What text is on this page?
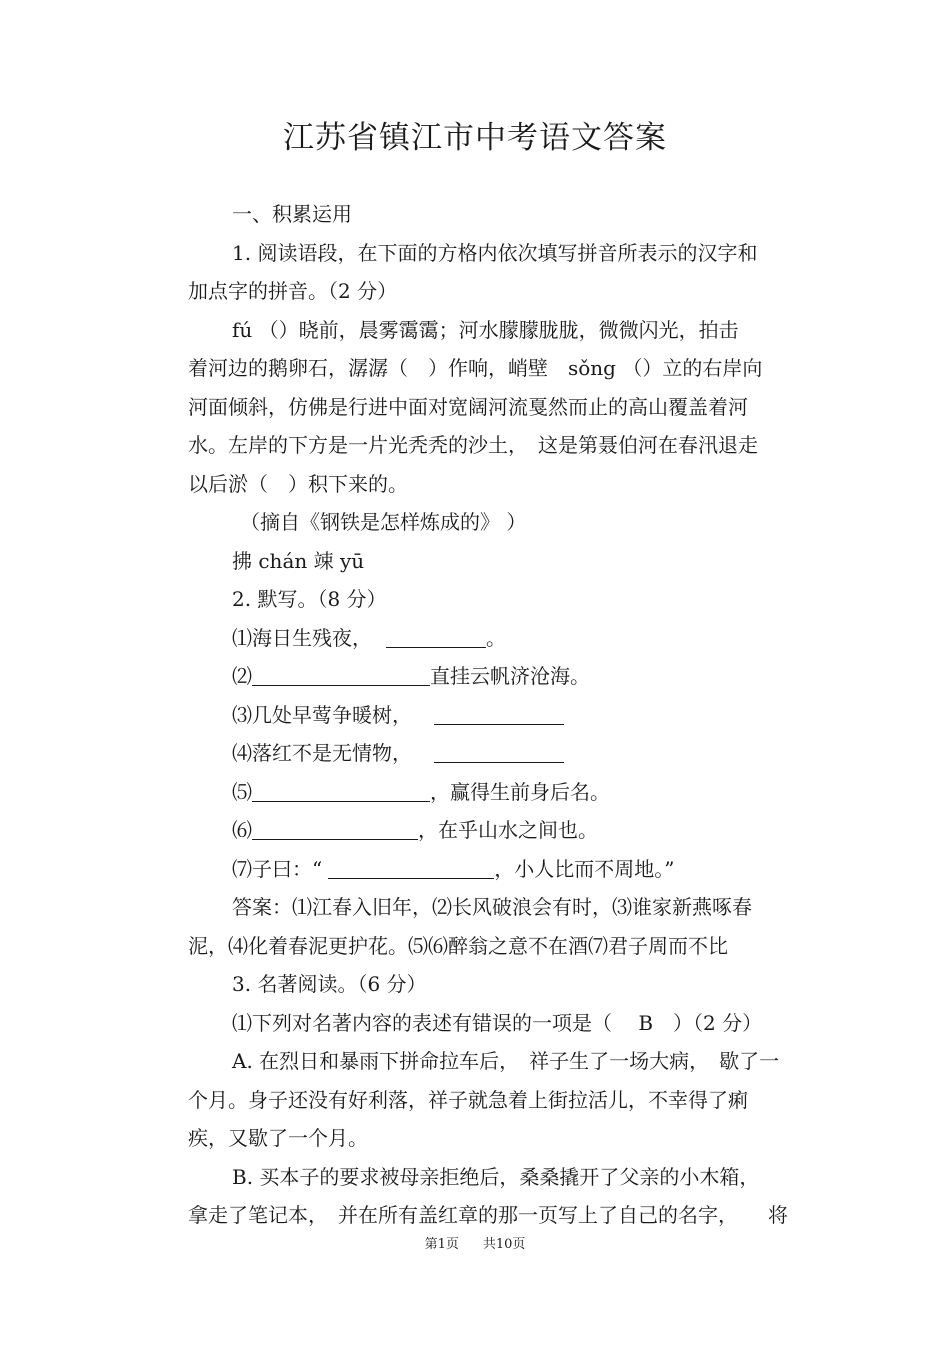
江苏省镇江市中考语文答案
一、积累运用
1. 阅读语段，在下面的方格内依次填写拼音所表示的汉字和
加点字的拼音。（2 分）
fú （）晓前，晨雾霭霭；河水朦朦胧胧，微微闪光，拍击
着河边的鹅卵石，潺潺（　）作响，峭壁　sǒng （）立的右岸向
河面倾斜，仿佛是行进中面对宽阔河流戛然而止的高山覆盖着河
水。左岸的下方是一片光秃秃的沙土，　这是第聂伯河在春汛退走
以后淤（　）积下来的。
（摘自《钢铁是怎样炼成的》 ）
拂 chán 竦 yū
2. 默写。（8 分）
⑴海日生残夜，	。
⑵	直挂云帆济沧海。
⑶几处早莺争暖树，
⑷落红不是无情物，
⑸	，赢得生前身后名。
⑹	，在乎山水之间也。
⑺子曰：“	，小人比而不周地。”
答案：⑴江春入旧年，⑵长风破浪会有时，⑶谁家新燕啄春
泥，⑷化着春泥更护花。⑸⑹醉翁之意不在酒⑺君子周而不比
3. 名著阅读。（6 分）
⑴下列对名著内容的表述有错误的一项是（　 B　）（2 分）
A. 在烈日和暴雨下拼命拉车后，　祥子生了一场大病，　歇了一
个月。身子还没有好利落，祥子就急着上街拉活儿，不幸得了痢
疾，又歇了一个月。
B. 买本子的要求被母亲拒绝后，桑桑撬开了父亲的小木箱，
拿走了笔记本，　并在所有盖红章的那一页写上了自己的名字，　　将
第1页 共10页
